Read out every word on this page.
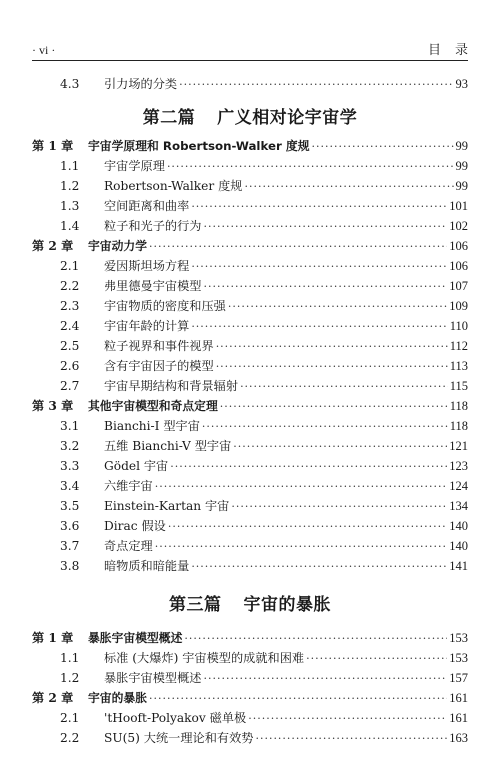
· vi ·	目录
4.3	引力场的分类 ·····	93
第二篇 广义相对论宇宙学
第 1 章	宇宙学原理和 Robertson-Walker 度规 ·····	99
1.1	宇宙学原理 ·····	99
1.2	Robertson-Walker 度规 ·····	99
1.3	空间距离和曲率 ·····	101
1.4	粒子和光子的行为 ·····	102
第 2 章	宇宙动力学 ·····	106
2.1	爱因斯坦场方程 ·····	106
2.2	弗里德曼宇宙模型 ·····	107
2.3	宇宙物质的密度和压强 ·····	109
2.4	宇宙年龄的计算 ·····	110
2.5	粒子视界和事件视界 ·····	112
2.6	含有宇宙因子的模型 ·····	113
2.7	宇宙早期结构和背景辐射 ·····	115
第 3 章	其他宇宙模型和奇点定理 ·····	118
3.1	Bianchi-I 型宇宙 ·····	118
3.2	五维 Bianchi-V 型宇宙 ·····	121
3.3	Gödel 宇宙 ·····	123
3.4	六维宇宙 ·····	124
3.5	Einstein-Kartan 宇宙 ·····	134
3.6	Dirac 假设 ·····	140
3.7	奇点定理 ·····	140
3.8	暗物质和暗能量 ·····	141
第三篇 宇宙的暴胀
第 1 章	暴胀宇宙模型概述 ·····	153
1.1	标准 (大爆炸) 宇宙模型的成就和困难 ·····	153
1.2	暴胀宇宙模型概述 ·····	157
第 2 章	宇宙的暴胀 ·····	161
2.1	'tHooft-Polyakov 磁单极 ·····	161
2.2	SU(5) 大统一理论和有效势 ·····	163
